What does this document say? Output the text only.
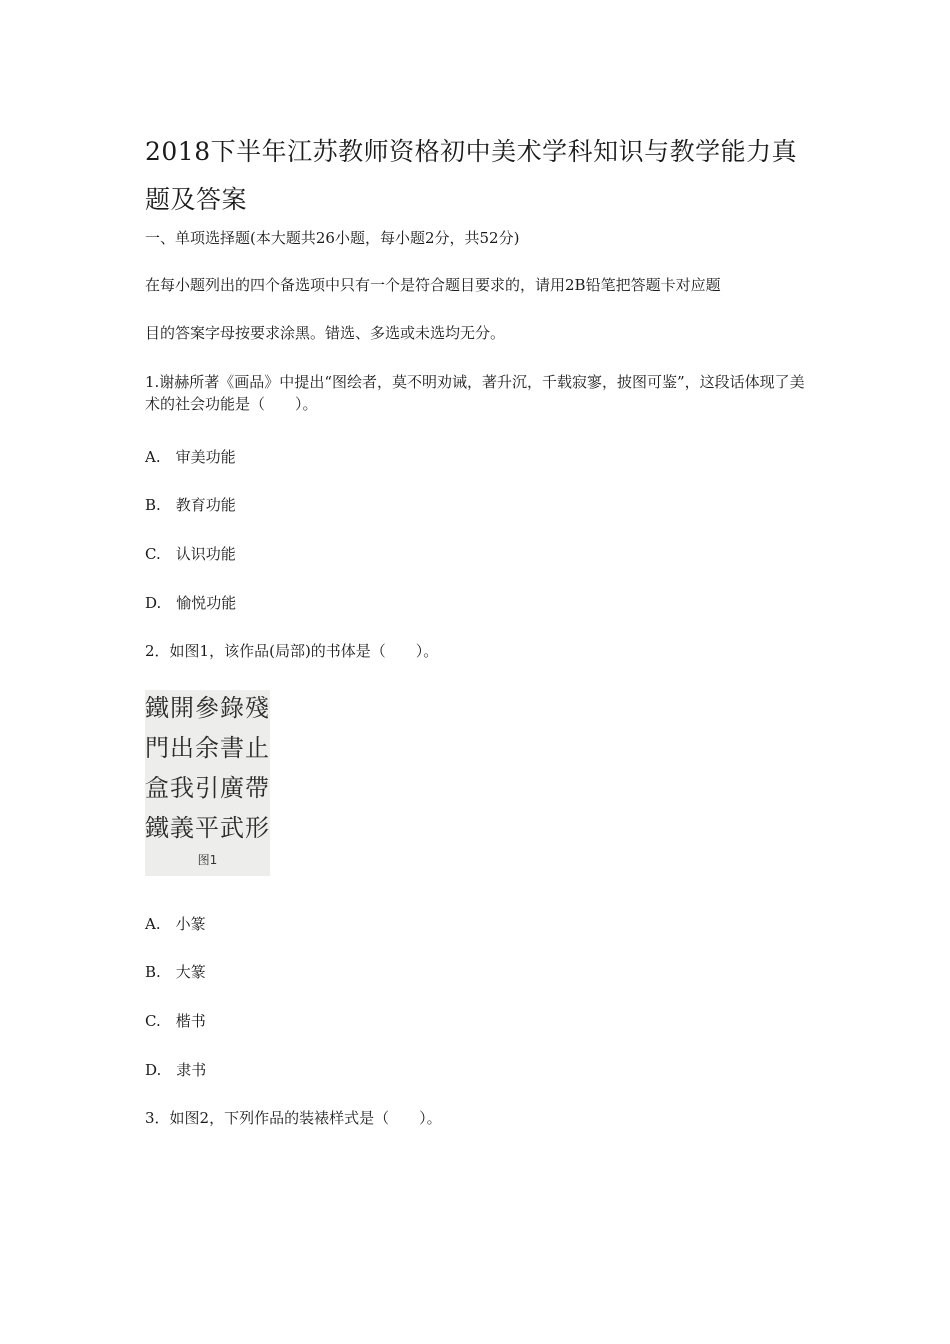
2018下半年江苏教师资格初中美术学科知识与教学能力真
题及答案

一、单项选择题(本大题共26小题，每小题2分，共52分)

在每小题列出的四个备选项中只有一个是符合题目要求的，请用2B铅笔把答题卡对应题

目的答案字母按要求涂黑。错选、多选或未选均无分。

1.谢赫所著《画品》中提出“图绘者，莫不明劝诫，著升沉，千载寂寥，披图可鉴”，这段话体现了美术的社会功能是（　　）。

A.　审美功能

B.　教育功能

C.　认识功能

D.　愉悦功能

2．如图1，该作品(局部)的书体是（　　）。

鐵 開 參 錄 殘
門 出 余 書 止
盒 我 引 廣 帶
鐵 義 平 武 形
图1

A.　小篆

B.　大篆

C.　楷书

D.　隶书

3．如图2，下列作品的装裱样式是（　　）。
